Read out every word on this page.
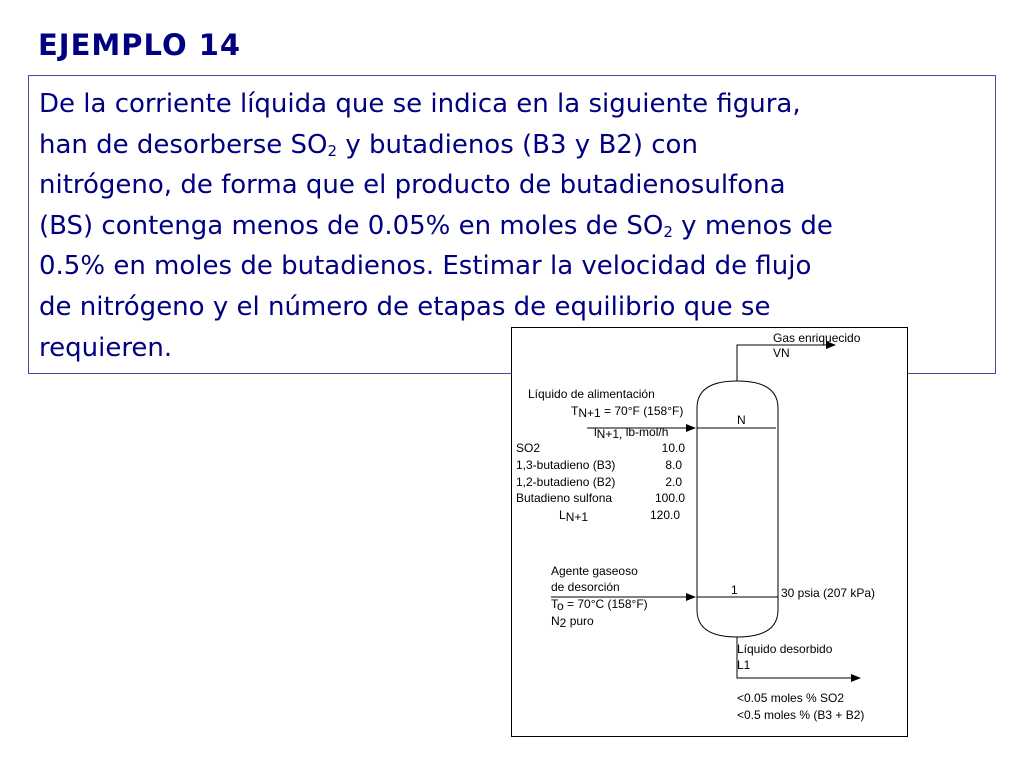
EJEMPLO 14
De la corriente líquida que se indica en la siguiente figura,
han de desorberse $SO_2$ y butadienos (B3 y B2) con
nitrógeno, de forma que el producto de butadienosulfona
(BS) contenga menos de 0.05% en moles de $SO_2$ y menos de
0.5% en moles de butadienos. Estimar la velocidad de flujo
de nitrógeno y el número de etapas de equilibrio que se
requieren.	Gas enriquecido
VN
Líquido de alimentación
TN+1 = 70°F (158°F)
lN+1, lb-mol/h
N
1
SO2	10.0
1,3-butadieno (B3)	8.0
1,2-butadieno (B2)	2.0
Butadieno sulfona	100.0
LN+1	120.0
Agente gaseoso
de desorción
To = 70°C (158°F)
N2 puro
30 psia (207 kPa)
Líquido desorbido
L1
<0.05 moles % SO2
<0.5 moles % (B3 + B2)
